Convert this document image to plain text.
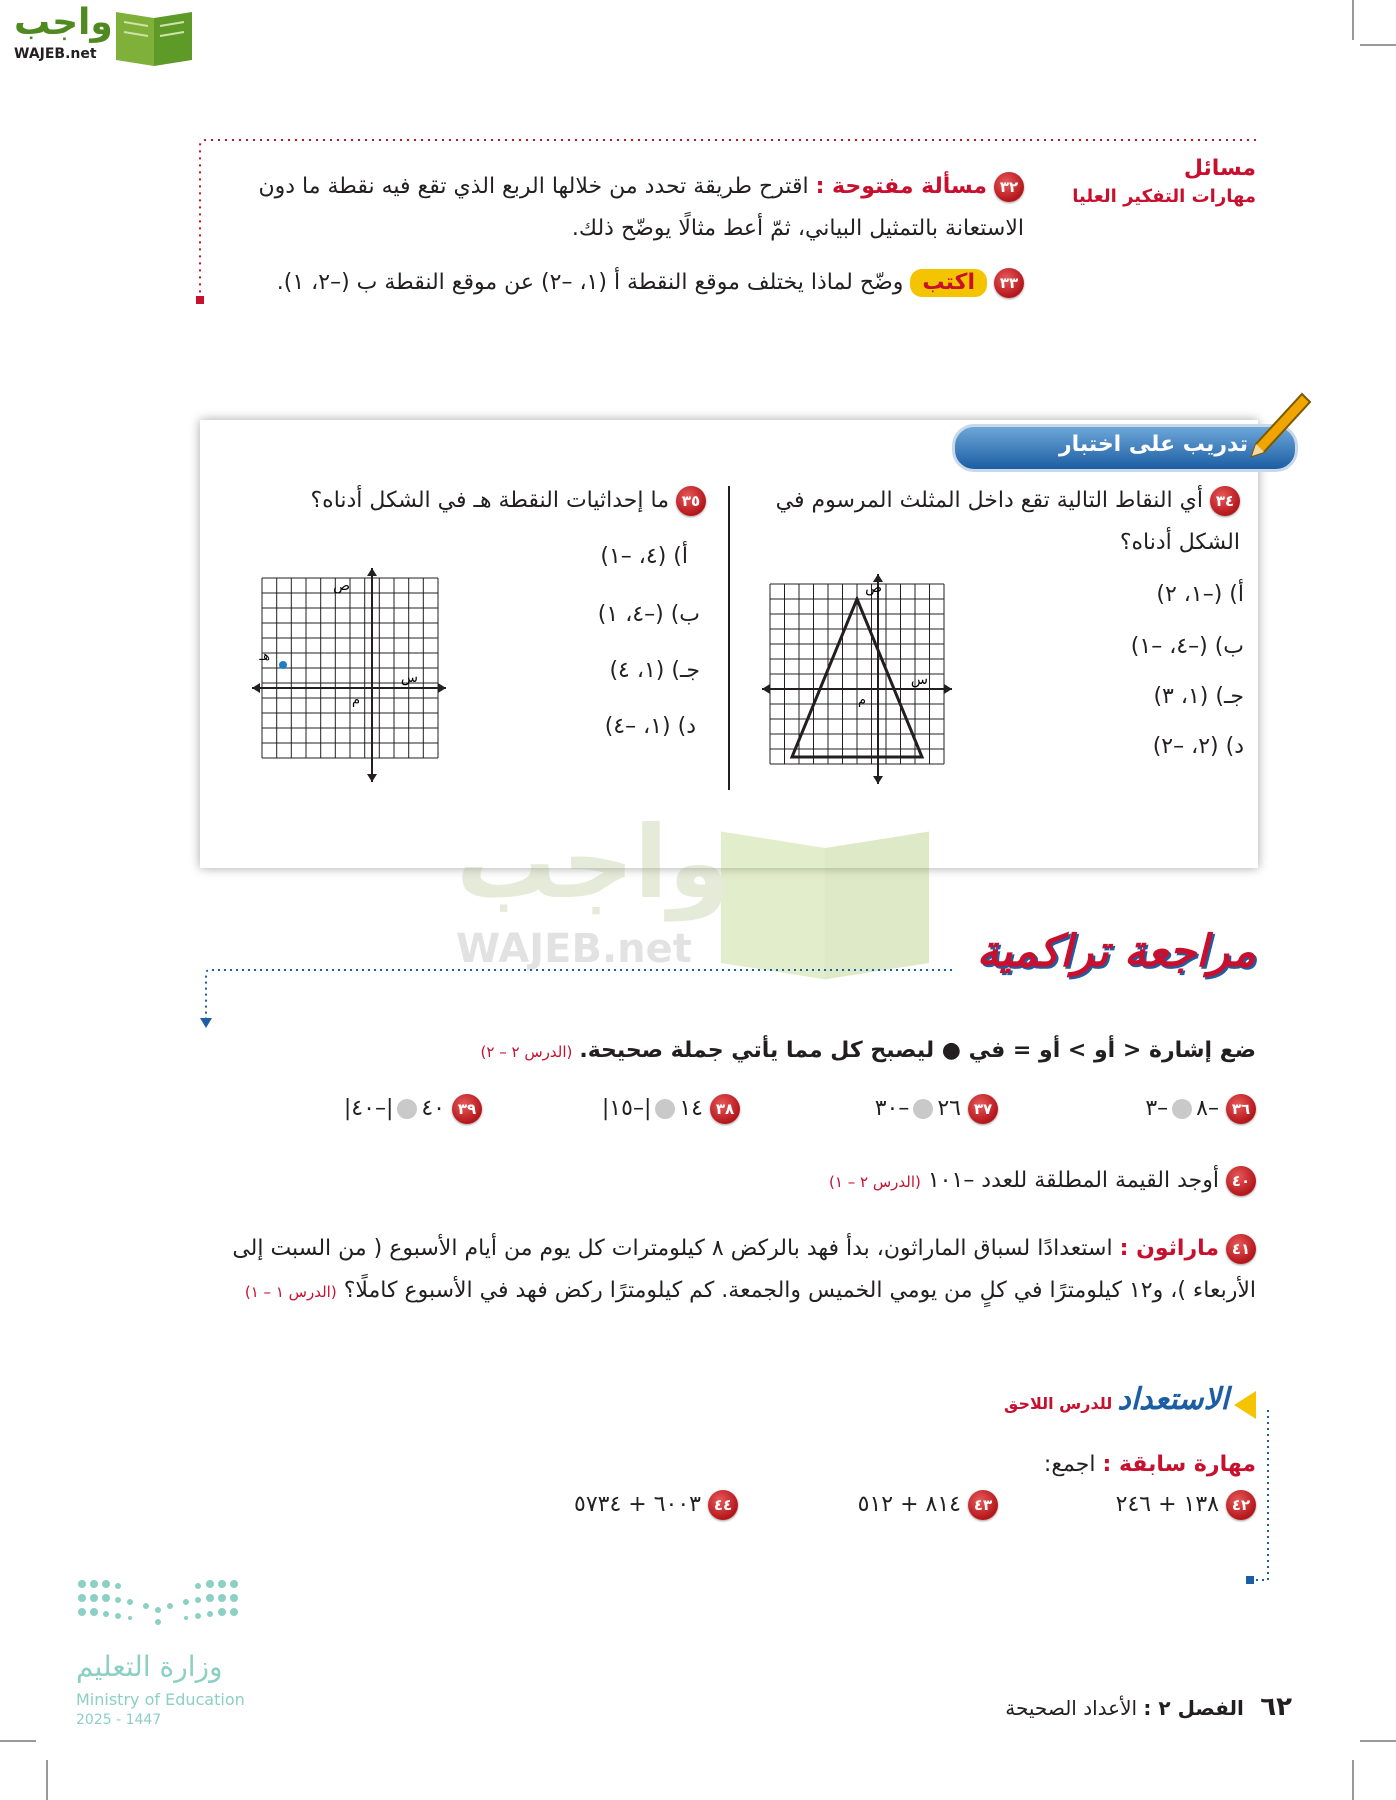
واجب
WAJEB.net
مسائل
مهارات التفكير العليا
٣٢ مسألة مفتوحة : اقترح طريقة تحدد من خلالها الربع الذي تقع فيه نقطة ما دون
الاستعانة بالتمثيل البياني، ثمّ أعط مثالًا يوضّح ذلك.
٣٣ اكتب وضّح لماذا يختلف موقع النقطة أ (١، –٢) عن موقع النقطة ب (–٢، ١).
تدريب على اختبار
٣٤ أي النقاط التالية تقع داخل المثلث المرسوم في
الشكل أدناه؟
أ) (–١، ٢)
ب) (–٤، –١)
جـ) (١، ٣)
د) (٢، –٢)
ص
س
م
٣٥ ما إحداثيات النقطة هـ في الشكل أدناه؟
أ) (٤، –١)
ب) (–٤، ١)
جـ) (١، ٤)
د) (١، –٤)
هـ
ص
س
م
واجب
WAJEB.net	مراجعة تراكمية
ضع إشارة < أو > أو = في ● ليصبح كل مما يأتي جملة صحيحة. (الدرس ٢ – ٢)
٣٦ –٨–٣
٣٧ ٢٦–٣٠
٣٨ ١٤|–١٥|
٣٩ ٤٠|–٤٠|
٤٠ أوجد القيمة المطلقة للعدد –١٠١ (الدرس ٢ – ١)
٤١ ماراثون : استعدادًا لسباق الماراثون، بدأ فهد بالركض ٨ كيلومترات كل يوم من أيام الأسبوع ( من السبت إلى
الأربعاء )، و١٢ كيلومترًا في كلٍ من يومي الخميس والجمعة. كم كيلومترًا ركض فهد في الأسبوع كاملًا؟ (الدرس ١ – ١)
الاستعداد للدرس اللاحق
مهارة سابقة : اجمع:
٤٢ ١٣٨ + ٢٤٦
٤٣ ٨١٤ + ٥١٢
٤٤ ٦٠٠٣ + ٥٧٣٤
وزارة التعليم
Ministry of Education
2025 - 1447	٦٢ الفصل ٢ : الأعداد الصحيحة
